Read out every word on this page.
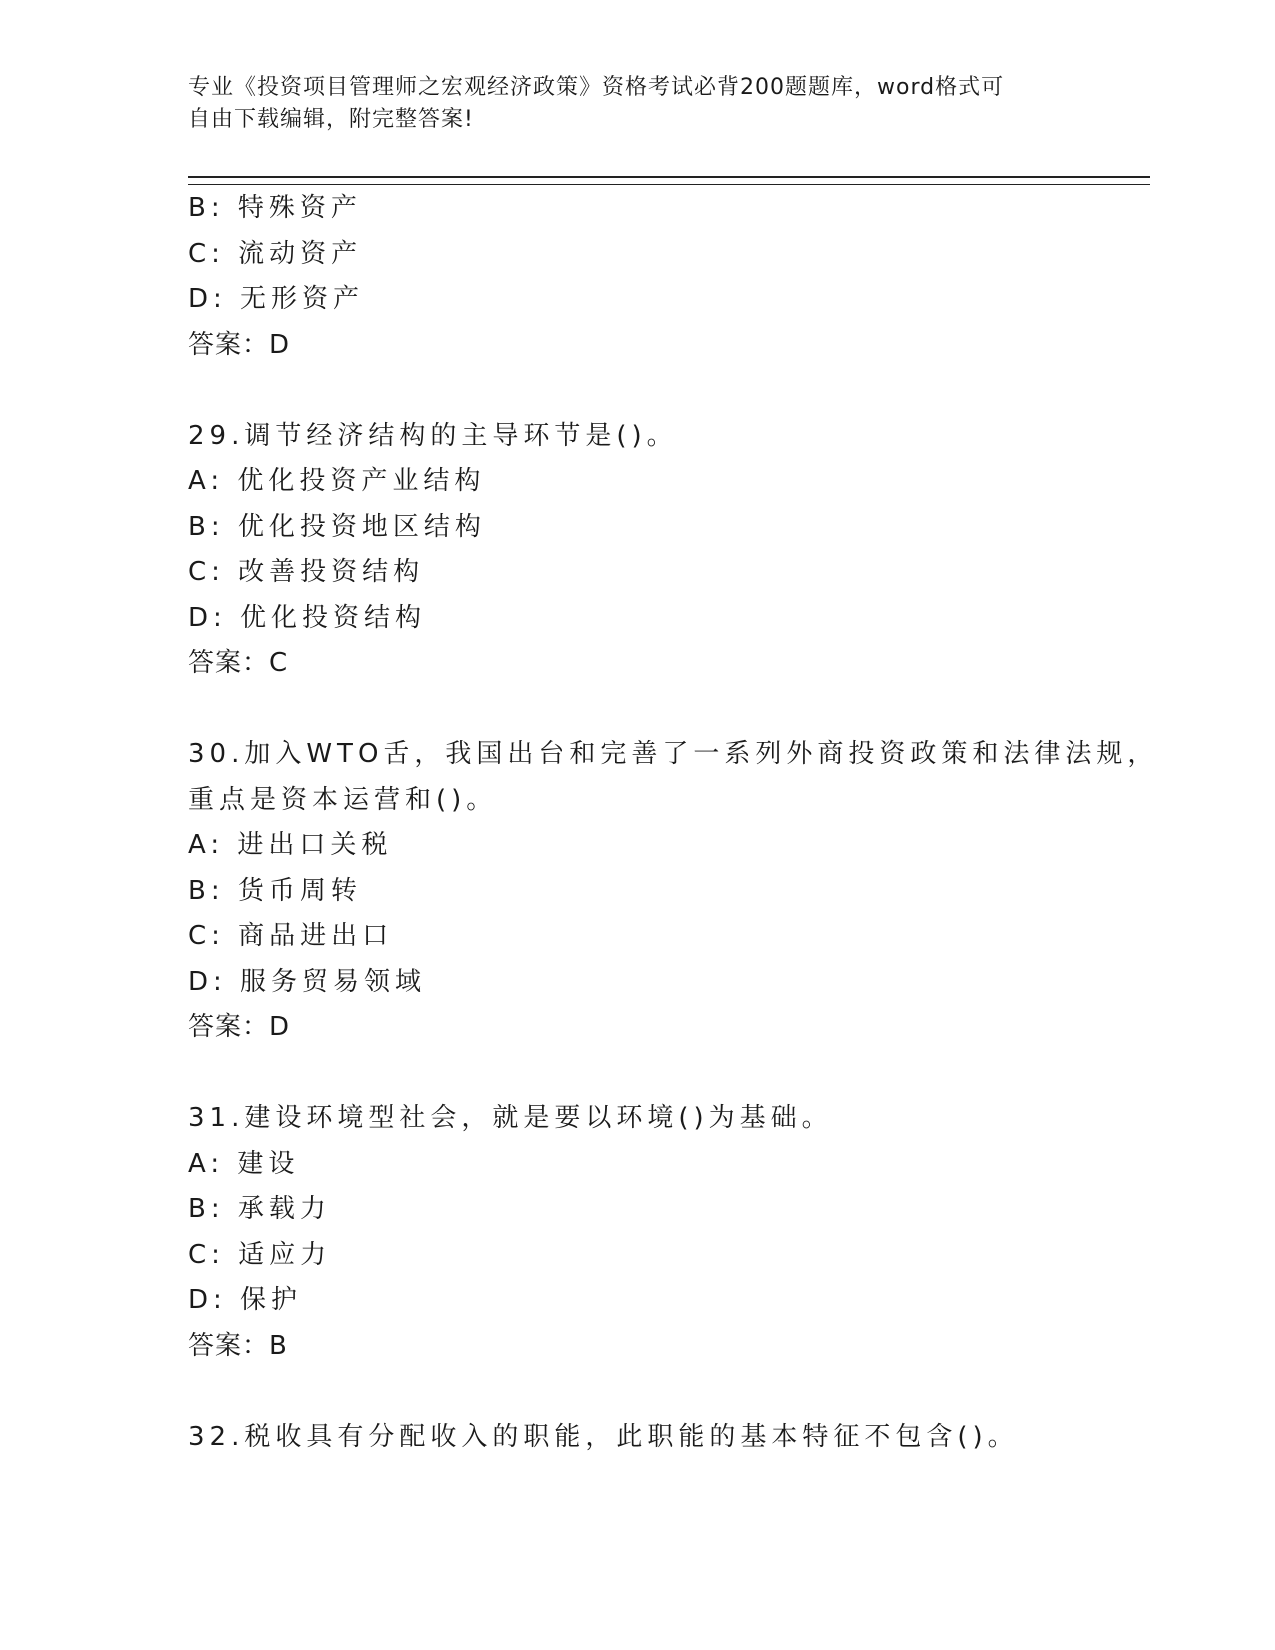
专业《投资项目管理师之宏观经济政策》资格考试必背200题题库，word格式可
自由下载编辑，附完整答案!
B: 特殊资产
C: 流动资产
D: 无形资产
答案：D
29.调节经济结构的主导环节是()。
A: 优化投资产业结构
B: 优化投资地区结构
C: 改善投资结构
D: 优化投资结构
答案：C
30.加入WTO舌，我国出台和完善了一系列外商投资政策和法律法规，
重点是资本运营和()。
A: 进出口关税
B: 货币周转
C: 商品进出口
D: 服务贸易领域
答案：D
31.建设环境型社会，就是要以环境()为基础。
A: 建设
B: 承载力
C: 适应力
D: 保护
答案：B
32.税收具有分配收入的职能，此职能的基本特征不包含()。
